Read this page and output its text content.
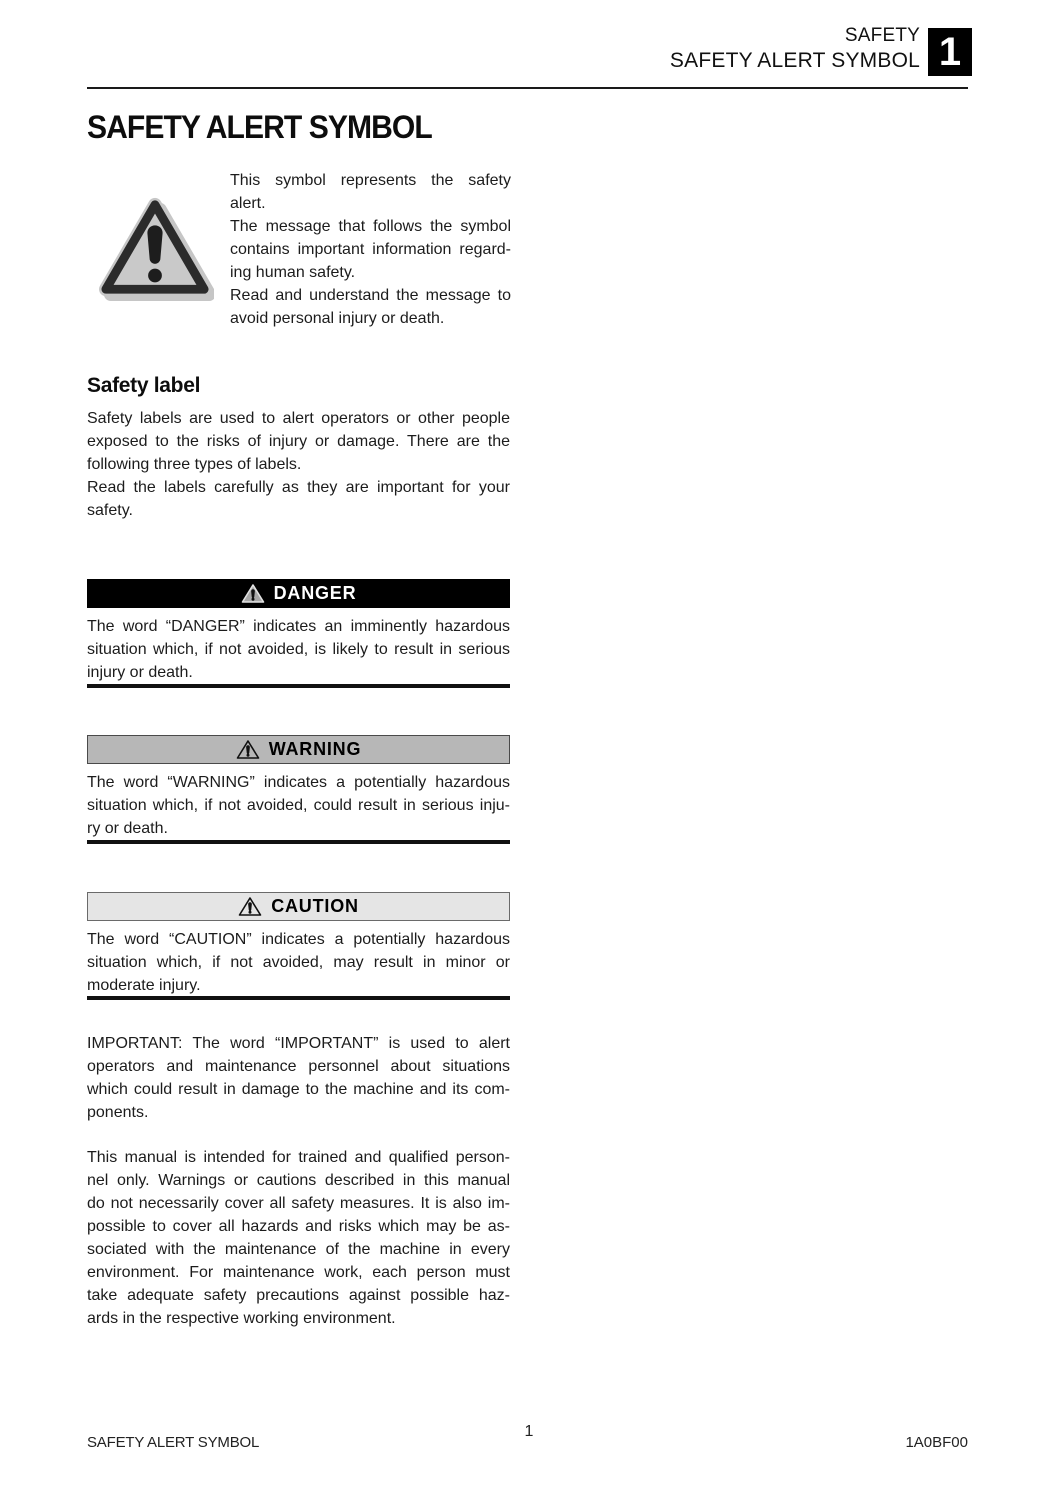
SAFETY
SAFETY ALERT SYMBOL 1
SAFETY ALERT SYMBOL
This symbol represents the safety
alert.
The message that follows the symbol
contains important information regard-
ing human safety.
Read and understand the message to
avoid personal injury or death.
Safety label
Safety labels are used to alert operators or other people
exposed to the risks of injury or damage. There are the
following three types of labels.
Read the labels carefully as they are important for your
safety.
DANGER
The word “DANGER” indicates an imminently hazardous
situation which, if not avoided, is likely to result in serious
injury or death.
WARNING
The word “WARNING” indicates a potentially hazardous
situation which, if not avoided, could result in serious inju-
ry or death.
CAUTION
The word “CAUTION” indicates a potentially hazardous
situation which, if not avoided, may result in minor or
moderate injury.
IMPORTANT: The word “IMPORTANT” is used to alert
operators and maintenance personnel about situations
which could result in damage to the machine and its com-
ponents.
This manual is intended for trained and qualified person-
nel only. Warnings or cautions described in this manual
do not necessarily cover all safety measures. It is also im-
possible to cover all hazards and risks which may be as-
sociated with the maintenance of the machine in every
environment. For maintenance work, each person must
take adequate safety precautions against possible haz-
ards in the respective working environment.
SAFETY ALERT SYMBOL
1
1A0BF00
